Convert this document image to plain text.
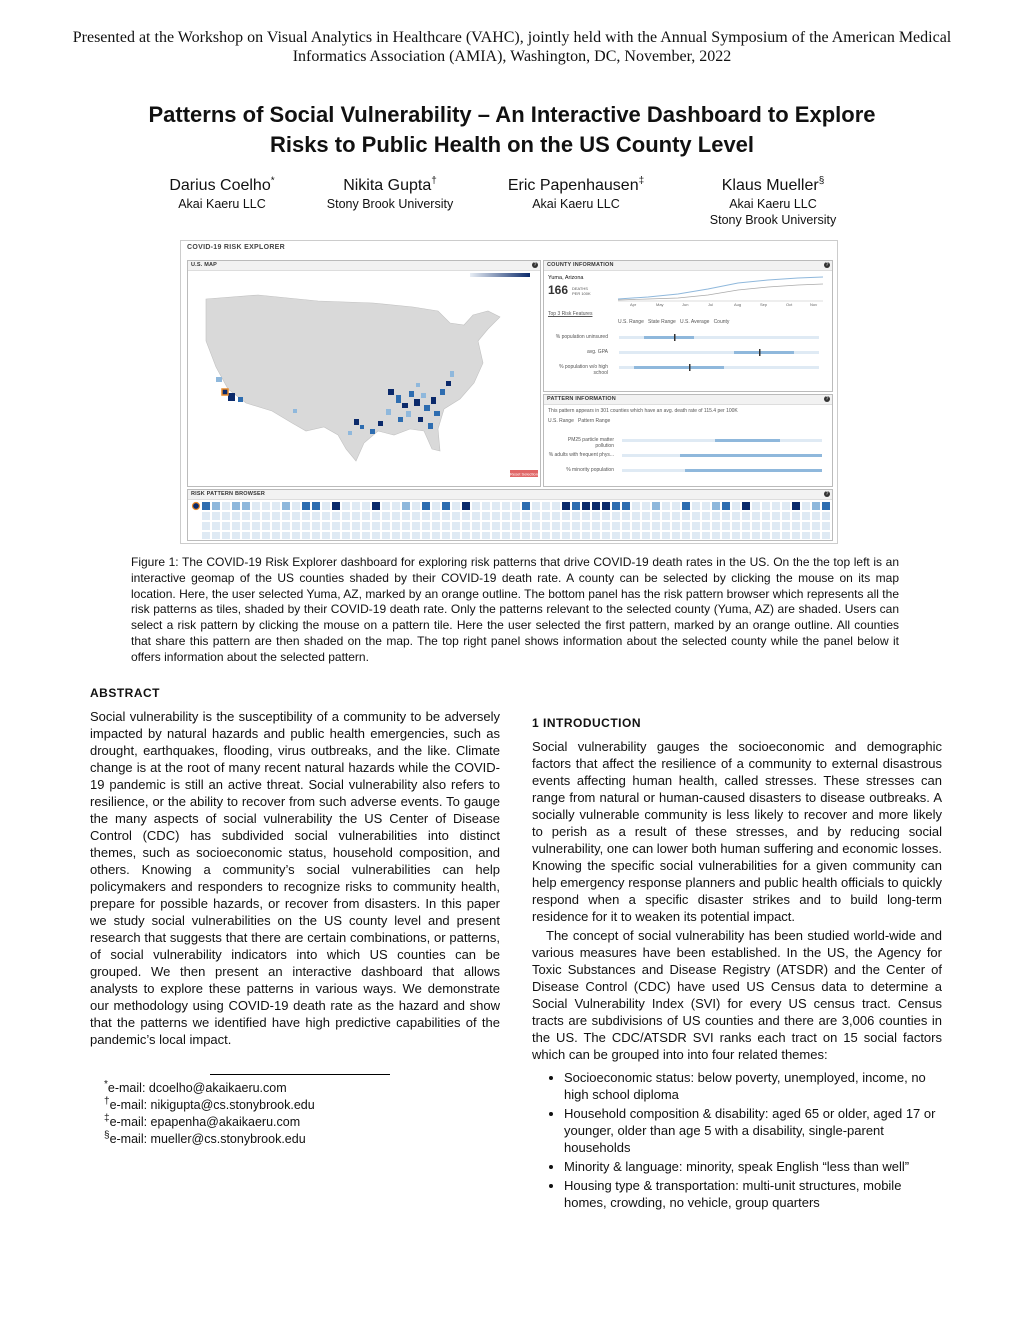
Presented at the Workshop on Visual Analytics in Healthcare (VAHC), jointly held with the Annual Symposium of the American Medical Informatics Association (AMIA), Washington, DC, November, 2022
Patterns of Social Vulnerability – An Interactive Dashboard to Explore
Risks to Public Health on the US County Level
Darius Coelho*
Akai Kaeru LLC
Nikita Gupta†
Stony Brook University
Eric Papenhausen‡
Akai Kaeru LLC
Klaus Mueller§
Akai Kaeru LLC
Stony Brook University
COVID-19 RISK EXPLORER
U.S. MAP	?
Reset Selection
COUNTY INFORMATION	?
Yuma, Arizona
166 DEATHS PER 100K
Apr	May	Jun	Jul	Aug	Sep	Oct	Nov
Top 3 Risk Features
U.S. Range State Range U.S. Average County
% population uninsured
avg. GPA
% population w/o high school
PATTERN INFORMATION	?
This pattern appears in 301 counties which have an avg. death rate of 115.4 per 100K
U.S. Range Pattern Range
PM25 particle matter pollution
% adults with frequent phys...
% minority population
RISK PATTERN BROWSER	?
Figure 1: The COVID-19 Risk Explorer dashboard for exploring risk patterns that drive COVID-19 death rates in the US. On the the top left is an interactive geomap of the US counties shaded by their COVID-19 death rate. A county can be selected by clicking the mouse on its map location. Here, the user selected Yuma, AZ, marked by an orange outline. The bottom panel has the risk pattern browser which represents all the risk patterns as tiles, shaded by their COVID-19 death rate. Only the patterns relevant to the selected county (Yuma, AZ) are shaded. Users can select a risk pattern by clicking the mouse on a pattern tile. Here the user selected the first pattern, marked by an orange outline. All counties that share this pattern are then shaded on the map. The top right panel shows information about the selected county while the panel below it offers information about the selected pattern.
ABSTRACT

Social vulnerability is the susceptibility of a community to be adversely impacted by natural hazards and public health emergencies, such as drought, earthquakes, flooding, virus outbreaks, and the like. Climate change is at the root of many recent natural hazards while the COVID-19 pandemic is still an active threat. Social vulnerability also refers to resilience, or the ability to recover from such adverse events. To gauge the many aspects of social vulnerability the US Center of Disease Control (CDC) has subdivided social vulnerabilities into distinct themes, such as socioeconomic status, household composition, and others. Knowing a community’s social vulnerabilities can help policymakers and responders to recognize risks to community health, prepare for possible hazards, or recover from disasters. In this paper we study social vulnerabilities on the US county level and present research that suggests that there are certain combinations, or patterns, of social vulnerability indicators into which US counties can be grouped. We then present an interactive dashboard that allows analysts to explore these patterns in various ways. We demonstrate our methodology using COVID-19 death rate as the hazard and show that the patterns we identified have high predictive capabilities of the pandemic’s local impact.

*e-mail: dcoelho@akaikaeru.com
†e-mail: nikigupta@cs.stonybrook.edu
‡e-mail: epapenha@akaikaeru.com
§e-mail: mueller@cs.stonybrook.edu
1 INTRODUCTION

Social vulnerability gauges the socioeconomic and demographic factors that affect the resilience of a community to external disastrous events affecting human health, called stresses. These stresses can range from natural or human-caused disasters to disease outbreaks. A socially vulnerable community is less likely to recover and more likely to perish as a result of these stresses, and by reducing social vulnerability, one can lower both human suffering and economic losses. Knowing the specific social vulnerabilities for a given community can help emergency response planners and public health officials to quickly respond when a specific disaster strikes and to build long-term residence for it to weaken its potential impact.

The concept of social vulnerability has been studied world-wide and various measures have been established. In the US, the Agency for Toxic Substances and Disease Registry (ATSDR) and the Center of Disease Control (CDC) have used US Census data to determine a Social Vulnerability Index (SVI) for every US census tract. Census tracts are subdivisions of US counties and there are 3,006 counties in the US. The CDC/ATSDR SVI ranks each tract on 15 social factors which can be grouped into into four related themes:

• Socioeconomic status: below poverty, unemployed, income, no high school diploma
• Household composition & disability: aged 65 or older, aged 17 or younger, older than age 5 with a disability, single-parent households
• Minority & language: minority, speak English “less than well”
• Housing type & transportation: multi-unit structures, mobile homes, crowding, no vehicle, group quarters
